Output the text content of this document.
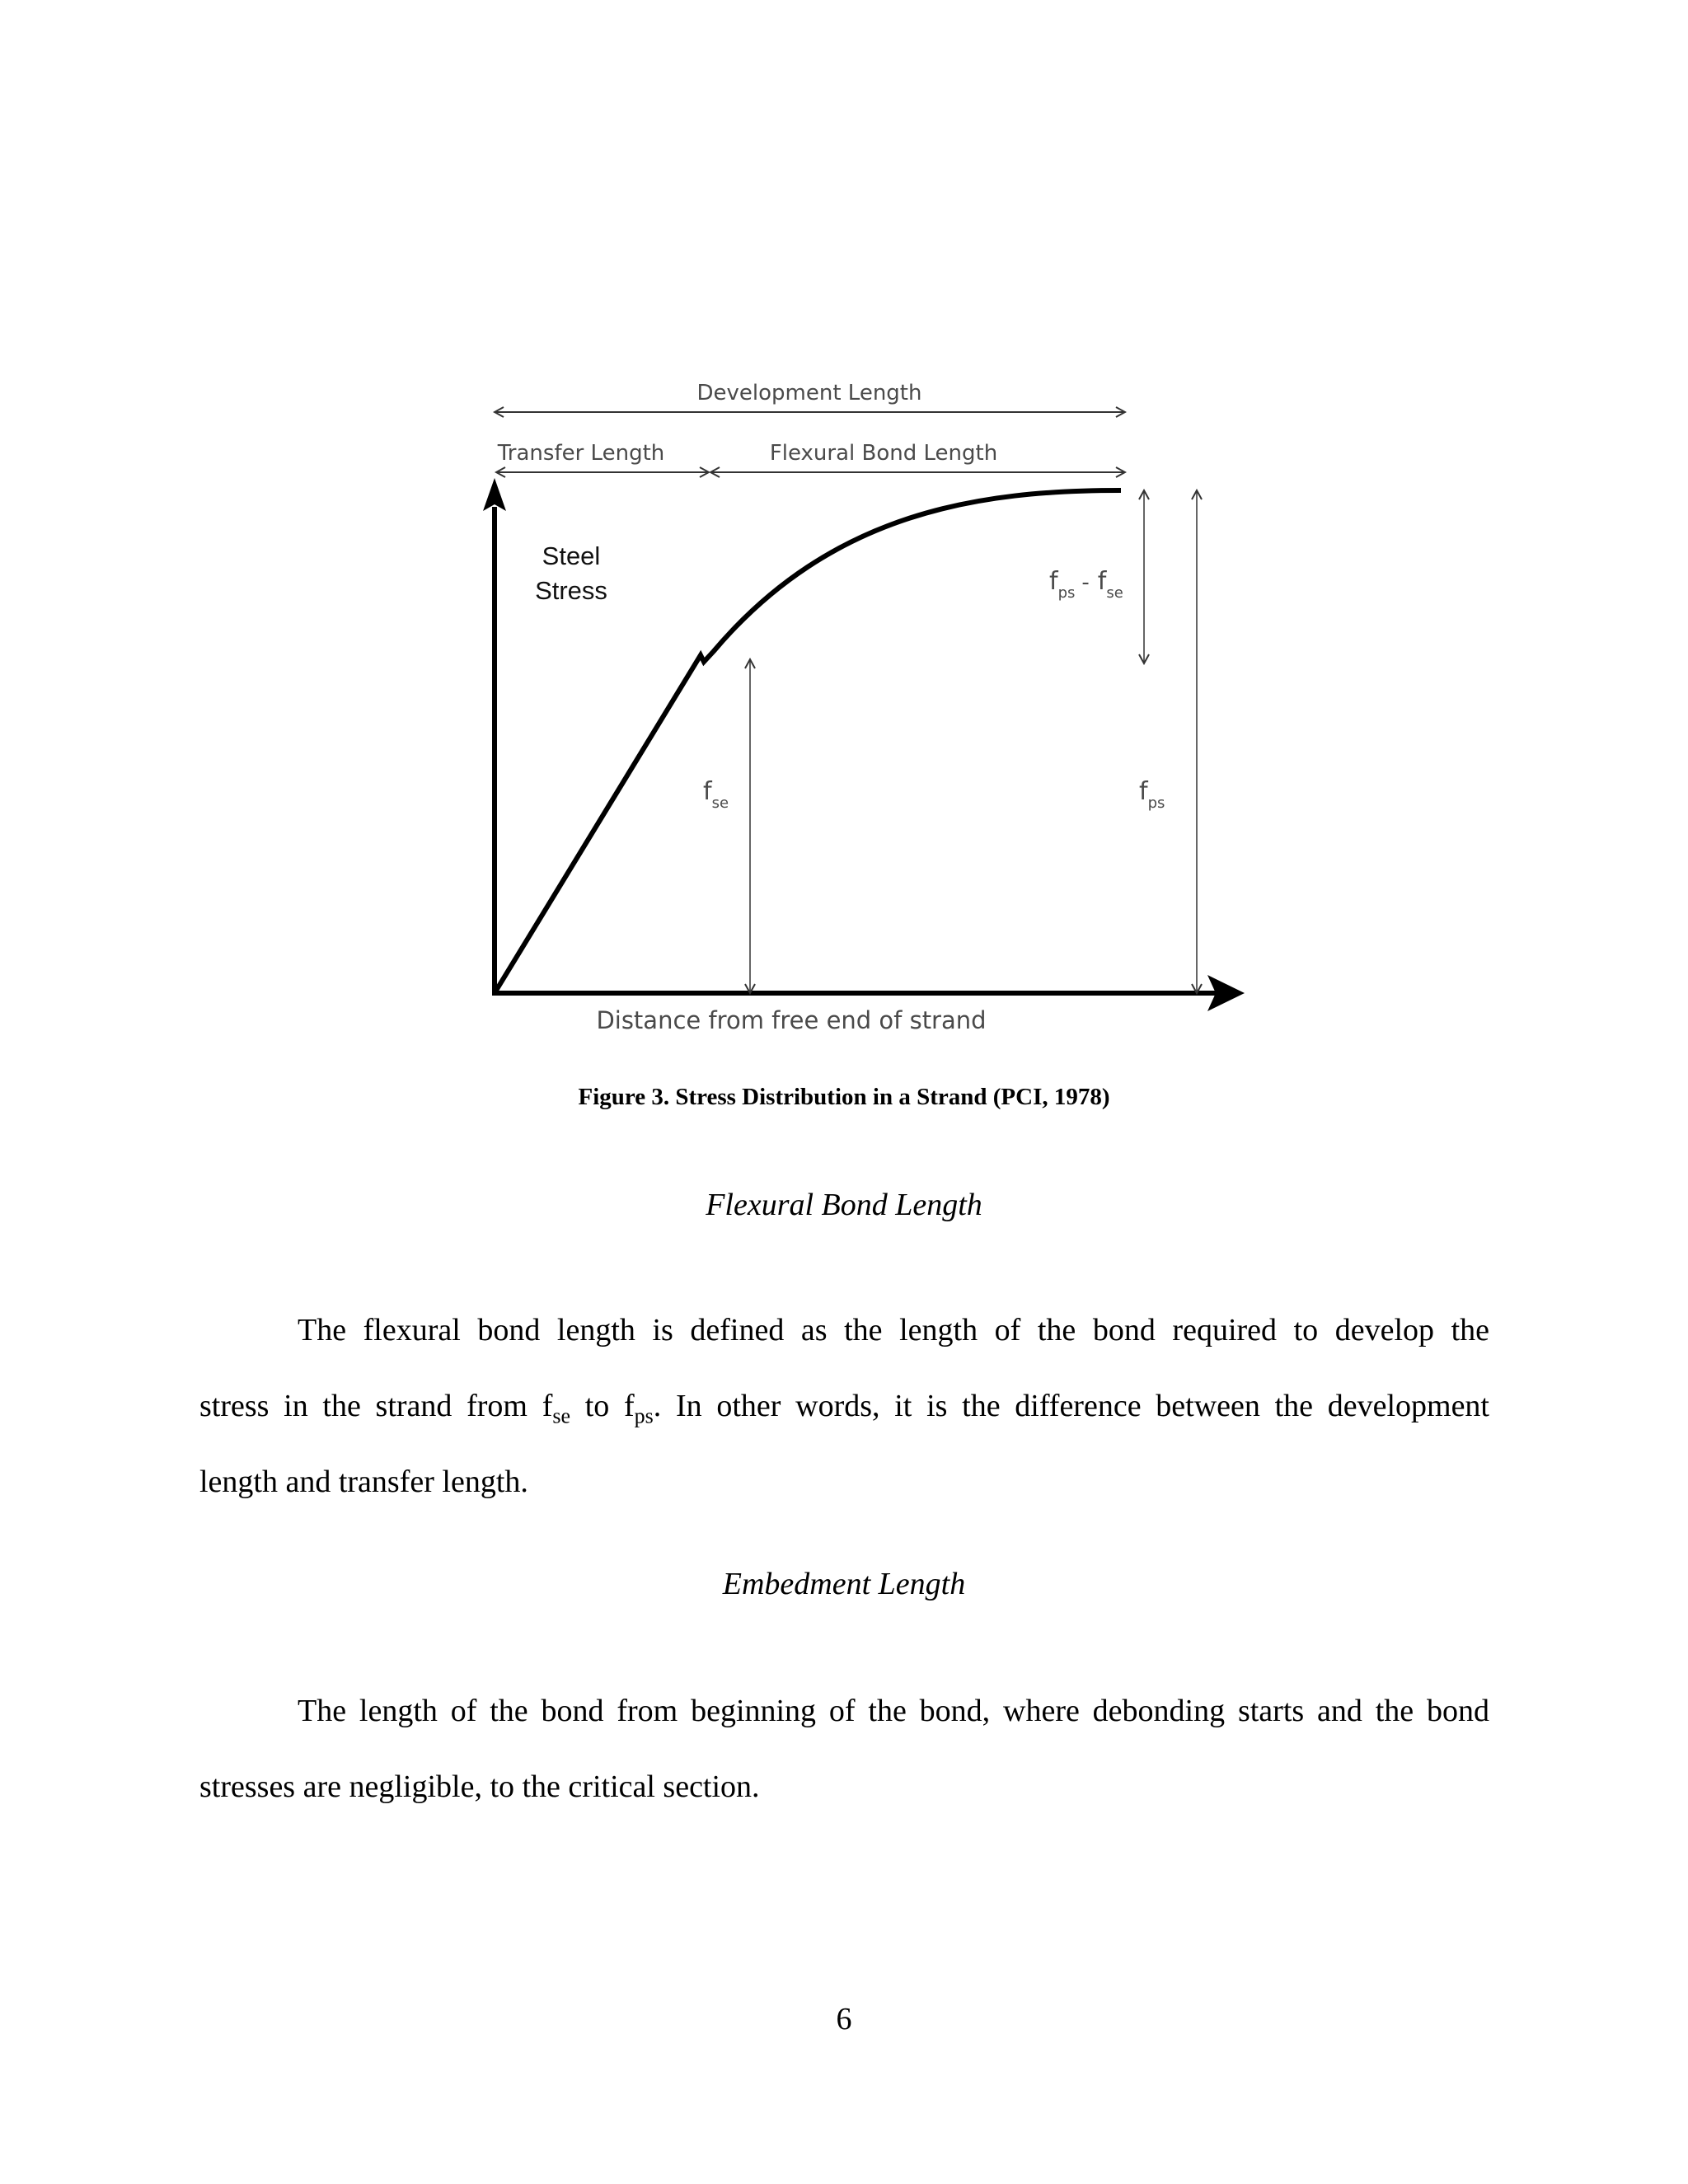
Development Length
Transfer Length	Flexural Bond Length
Steel
Stress
$f_{se}$
$f_{ps} - f_{se}$
$f_{ps}$
Distance from free end of strand
Figure 3. Stress Distribution in a Strand (PCI, 1978)
Flexural Bond Length
The flexural bond length is defined as the length of the bond required to develop the
stress in the strand from $f_{se}$ to $f_{ps}$. In other words, it is the difference between the development
length and transfer length.
Embedment Length
The length of the bond from beginning of the bond, where debonding starts and the bond
stresses are negligible, to the critical section.
6
